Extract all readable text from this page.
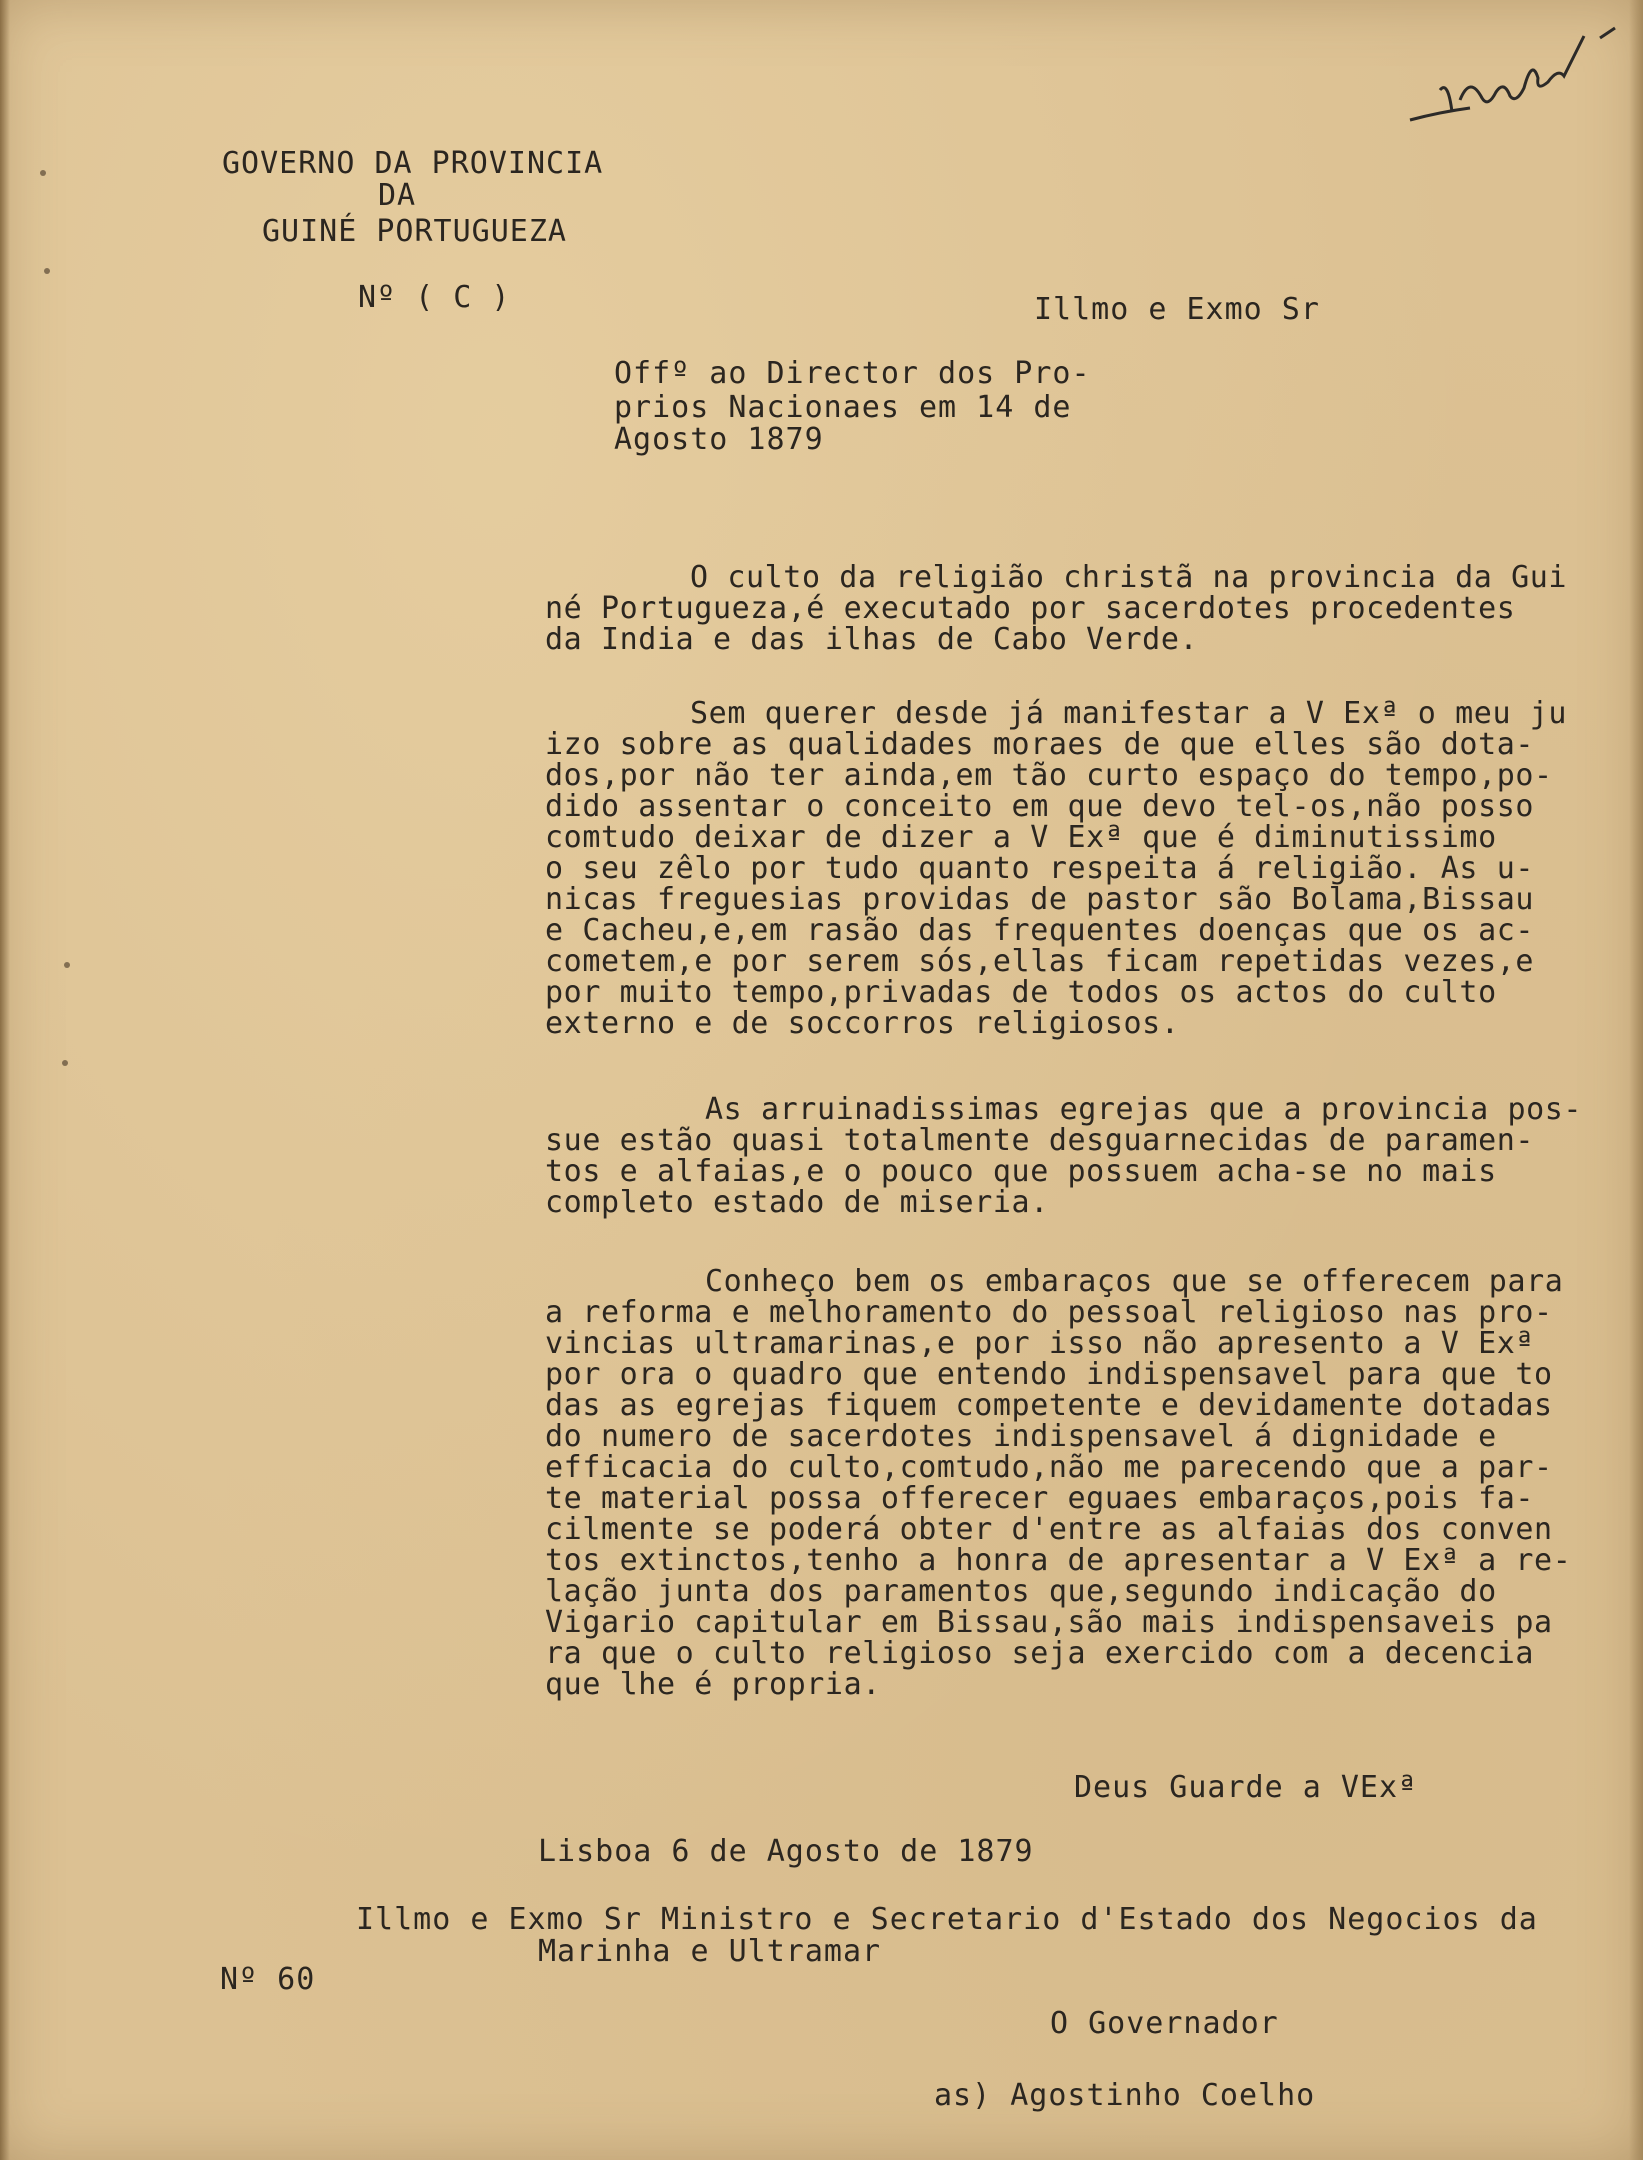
GOVERNO DA PROVINCIA
DA
GUINÉ PORTUGUEZA
Nº ( C )	Illmo e Exmo Sr
Offº ao Director dos Pro-
prios Nacionaes em 14 de
Agosto 1879
O culto da religião christã na provincia da Gui
né Portugueza,é executado por sacerdotes procedentes
da India e das ilhas de Cabo Verde.
Sem querer desde já manifestar a V Exª o meu ju
izo sobre as qualidades moraes de que elles são dota-
dos,por não ter ainda,em tão curto espaço do tempo,po-
dido assentar o conceito em que devo tel-os,não posso
comtudo deixar de dizer a V Exª que é diminutissimo
o seu zêlo por tudo quanto respeita á religião. As u-
nicas freguesias providas de pastor são Bolama,Bissau
e Cacheu,e,em rasão das frequentes doenças que os ac-
cometem,e por serem sós,ellas ficam repetidas vezes,e
por muito tempo,privadas de todos os actos do culto
externo e de soccorros religiosos.
As arruinadissimas egrejas que a provincia pos-
sue estão quasi totalmente desguarnecidas de paramen-
tos e alfaias,e o pouco que possuem acha-se no mais
completo estado de miseria.
Conheço bem os embaraços que se offerecem para
a reforma e melhoramento do pessoal religioso nas pro-
vincias ultramarinas,e por isso não apresento a V Exª
por ora o quadro que entendo indispensavel para que to
das as egrejas fiquem competente e devidamente dotadas
do numero de sacerdotes indispensavel á dignidade e
efficacia do culto,comtudo,não me parecendo que a par-
te material possa offerecer eguaes embaraços,pois fa-
cilmente se poderá obter d'entre as alfaias dos conven
tos extinctos,tenho a honra de apresentar a V Exª a re-
lação junta dos paramentos que,segundo indicação do
Vigario capitular em Bissau,são mais indispensaveis pa
ra que o culto religioso seja exercido com a decencia
que lhe é propria.
Deus Guarde a VExª
Lisboa 6 de Agosto de 1879
Illmo e Exmo Sr Ministro e Secretario d'Estado dos Negocios da
Marinha e Ultramar
Nº 60
O Governador
as) Agostinho Coelho
